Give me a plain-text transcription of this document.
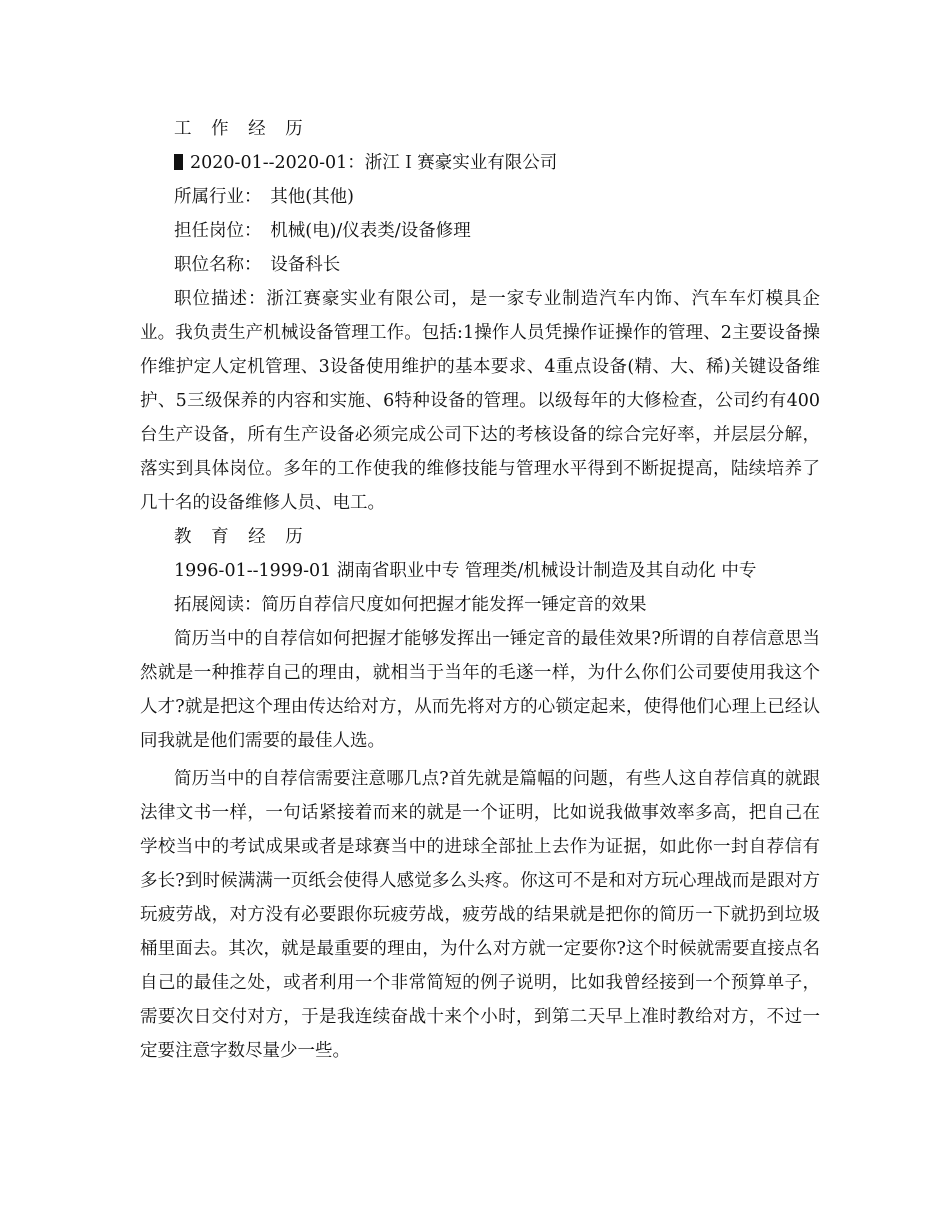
工 作 经 历
2020-01--2020-01：浙江Ｉ赛豪实业有限公司
所属行业：　其他(其他)
担任岗位：　机械(电)/仪表类/设备修理
职位名称：　设备科长

职位描述：浙江赛豪实业有限公司，是一家专业制造汽车内饰、汽车车灯模具企业。我负责生产机械设备管理工作。包括:1操作人员凭操作证操作的管理、2主要设备操作维护定人定机管理、3设备使用维护的基本要求、4重点设备(精、大、稀)关键设备维护、5三级保养的内容和实施、6特种设备的管理。以级每年的大修检查，公司约有400台生产设备，所有生产设备必须完成公司下达的考核设备的综合完好率，并层层分解，落实到具体岗位。多年的工作使我的维修技能与管理水平得到不断捉提高，陆续培养了几十名的设备维修人员、电工。

教 育 经 历
1996-01--1999-01 湖南省职业中专 管理类/机械设计制造及其自动化 中专
拓展阅读：简历自荐信尺度如何把握才能发挥一锤定音的效果

简历当中的自荐信如何把握才能够发挥出一锤定音的最佳效果?所谓的自荐信意思当然就是一种推荐自己的理由，就相当于当年的毛遂一样，为什么你们公司要使用我这个人才?就是把这个理由传达给对方，从而先将对方的心锁定起来，使得他们心理上已经认同我就是他们需要的最佳人选。

简历当中的自荐信需要注意哪几点?首先就是篇幅的问题，有些人这自荐信真的就跟法律文书一样，一句话紧接着而来的就是一个证明，比如说我做事效率多高，把自己在学校当中的考试成果或者是球赛当中的进球全部扯上去作为证据，如此你一封自荐信有多长?到时候满满一页纸会使得人感觉多么头疼。你这可不是和对方玩心理战而是跟对方玩疲劳战，对方没有必要跟你玩疲劳战，疲劳战的结果就是把你的简历一下就扔到垃圾桶里面去。其次，就是最重要的理由，为什么对方就一定要你?这个时候就需要直接点名自己的最佳之处，或者利用一个非常简短的例子说明，比如我曾经接到一个预算单子，需要次日交付对方，于是我连续奋战十来个小时，到第二天早上准时教给对方，不过一定要注意字数尽量少一些。
